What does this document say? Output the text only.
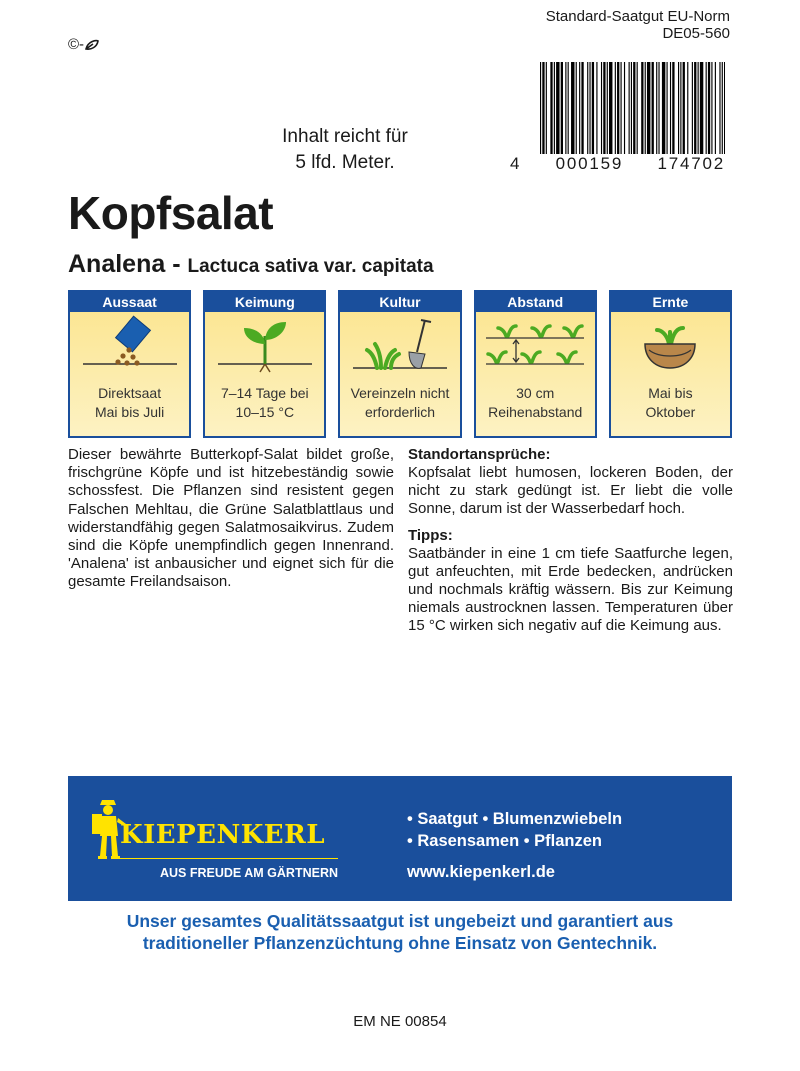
Standard-Saatgut EU-Norm
DE05-560
©-
4 000159 174702
Inhalt reicht für
5 lfd. Meter.
Kopfsalat
Analena - Lactuca sativa var. capitata
Aussaat
Direktsaat
Mai bis Juli
Keimung
7–14 Tage bei
10–15 °C
Kultur
Vereinzeln nicht
erforderlich
Abstand
30 cm
Reihenabstand
Ernte
Mai bis
Oktober
Dieser bewährte Butterkopf-Salat bildet große, frischgrüne Köpfe und ist hitzebeständig sowie schossfest. Die Pflanzen sind resistent gegen Falschen Mehltau, die Grüne Salatblattlaus und widerstandfähig gegen Salatmosaikvirus. Zudem sind die Köpfe unempfindlich gegen Innenrand. 'Analena' ist anbausicher und eignet sich für die gesamte Freilandsaison.
Standortansprüche:

Kopfsalat liebt humosen, lockeren Boden, der nicht zu stark gedüngt ist. Er liebt die volle Sonne, darum ist der Wasserbedarf hoch.

Tipps:

Saatbänder in eine 1 cm tiefe Saatfurche legen, gut anfeuchten, mit Erde bedecken, andrücken und nochmals kräftig wässern. Bis zur Keimung niemals austrocknen lassen. Temperaturen über 15 °C wirken sich negativ auf die Keimung aus.

KIEPENKERL
AUS FREUDE AM GÄRTNERN
• Saatgut • Blumenzwiebeln
• Rasensamen • Pflanzen
www.kiepenkerl.de
Unser gesamtes Qualitätssaatgut ist ungebeizt und garantiert aus
traditioneller Pflanzenzüchtung ohne Einsatz von Gentechnik.
EM NE 00854
